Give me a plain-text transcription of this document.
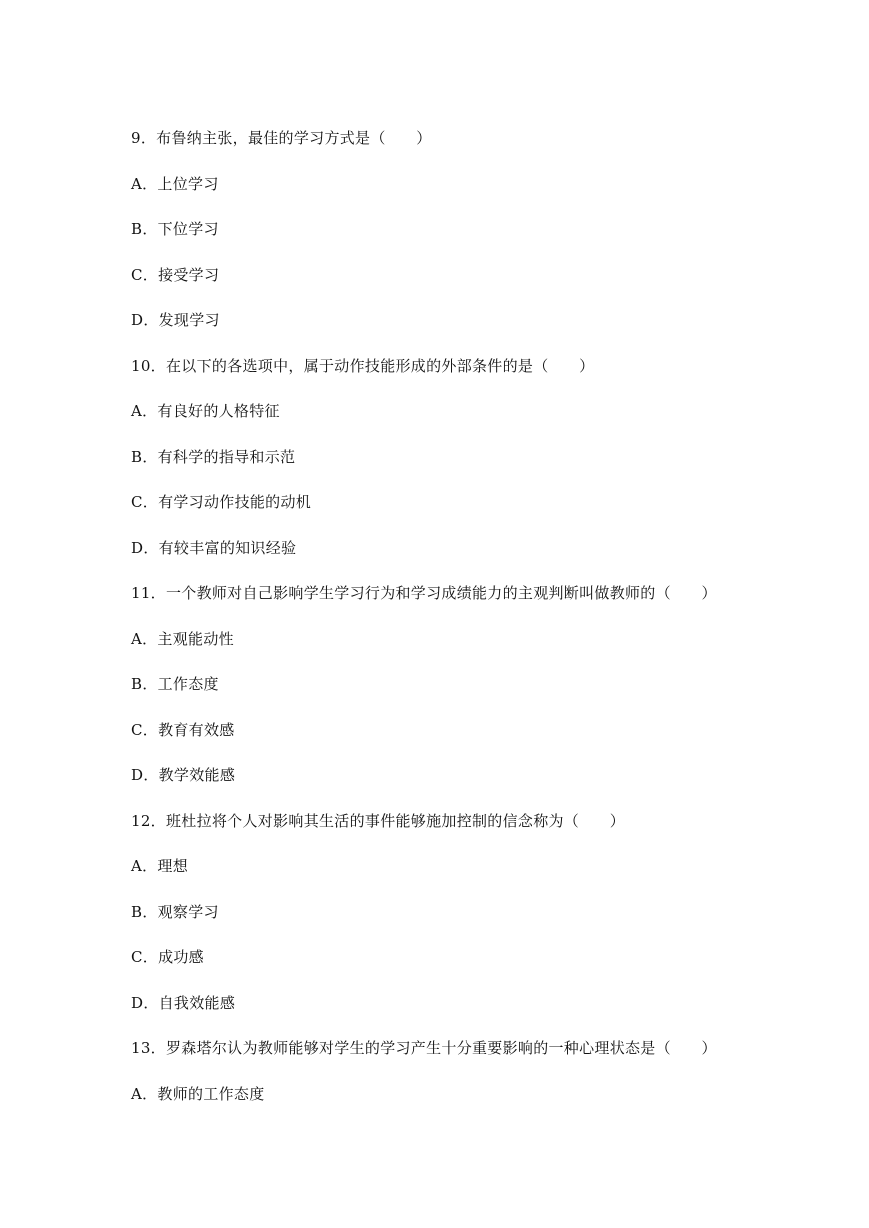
9．布鲁纳主张，最佳的学习方式是（　　）
A．上位学习
B．下位学习
C．接受学习
D．发现学习
10．在以下的各选项中，属于动作技能形成的外部条件的是（　　）
A．有良好的人格特征
B．有科学的指导和示范
C．有学习动作技能的动机
D．有较丰富的知识经验
11．一个教师对自己影响学生学习行为和学习成绩能力的主观判断叫做教师的（　　）
A．主观能动性
B．工作态度
C．教育有效感
D．教学效能感
12．班杜拉将个人对影响其生活的事件能够施加控制的信念称为（　　）
A．理想
B．观察学习
C．成功感
D．自我效能感
13．罗森塔尔认为教师能够对学生的学习产生十分重要影响的一种心理状态是（　　）
A．教师的工作态度
